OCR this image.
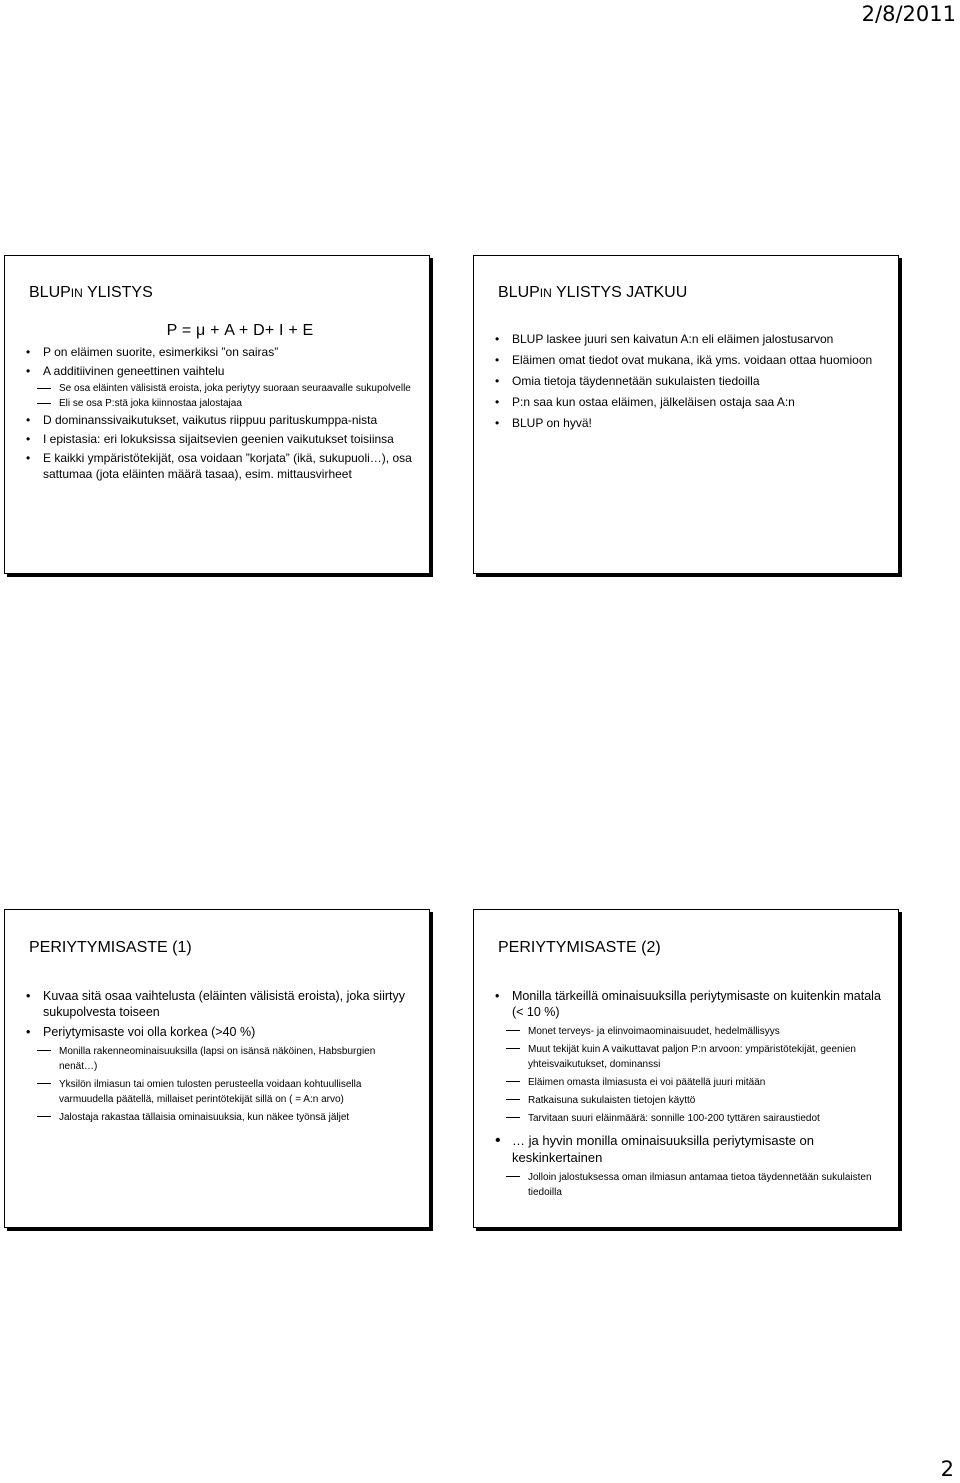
2/8/2011
BLUPIN YLISTYS
P = μ + A + D+ I + E
• P on eläimen suorite, esimerkiksi ”on sairas”
• A additiivinen geneettinen vaihtelu
Se osa eläinten välisistä eroista, joka periytyy suoraan seuraavalle sukupolvelle
Eli se osa P:stä joka kiinnostaa jalostajaa
• D dominanssivaikutukset, vaikutus riippuu parituskumppa-nista
• I epistasia: eri lokuksissa sijaitsevien geenien vaikutukset toisiinsa
• E kaikki ympäristötekijät, osa voidaan ”korjata” (ikä, sukupuoli…), osa sattumaa (jota eläinten määrä tasaa), esim. mittausvirheet
BLUPIN YLISTYS JATKUU
• BLUP laskee juuri sen kaivatun A:n eli eläimen jalostusarvon
• Eläimen omat tiedot ovat mukana, ikä yms. voidaan ottaa huomioon
• Omia tietoja täydennetään sukulaisten tiedoilla
• P:n saa kun ostaa eläimen, jälkeläisen ostaja saa A:n
• BLUP on hyvä!
PERIYTYMISASTE (1)
• Kuvaa sitä osaa vaihtelusta (eläinten välisistä eroista), joka siirtyy sukupolvesta toiseen
• Periytymisaste voi olla korkea (>40 %)
Monilla rakenneominaisuuksilla (lapsi on isänsä näköinen, Habsburgien nenät…)
Yksilön ilmiasun tai omien tulosten perusteella voidaan kohtuullisella varmuudella päätellä, millaiset perintötekijät sillä on ( = A:n arvo)
Jalostaja rakastaa tällaisia ominaisuuksia, kun näkee työnsä jäljet
PERIYTYMISASTE (2)
• Monilla tärkeillä ominaisuuksilla periytymisaste on kuitenkin matala (< 10 %)
Monet terveys- ja elinvoimaominaisuudet, hedelmällisyys
Muut tekijät kuin A vaikuttavat paljon P:n arvoon: ympäristötekijät, geenien yhteisvaikutukset, dominanssi
Eläimen omasta ilmiasusta ei voi päätellä juuri mitään
Ratkaisuna sukulaisten tietojen käyttö
Tarvitaan suuri eläinmäärä: sonnille 100-200 tyttären sairaustiedot
• … ja hyvin monilla ominaisuuksilla periytymisaste on keskinkertainen
Jolloin jalostuksessa oman ilmiasun antamaa tietoa täydennetään sukulaisten tiedoilla
2
